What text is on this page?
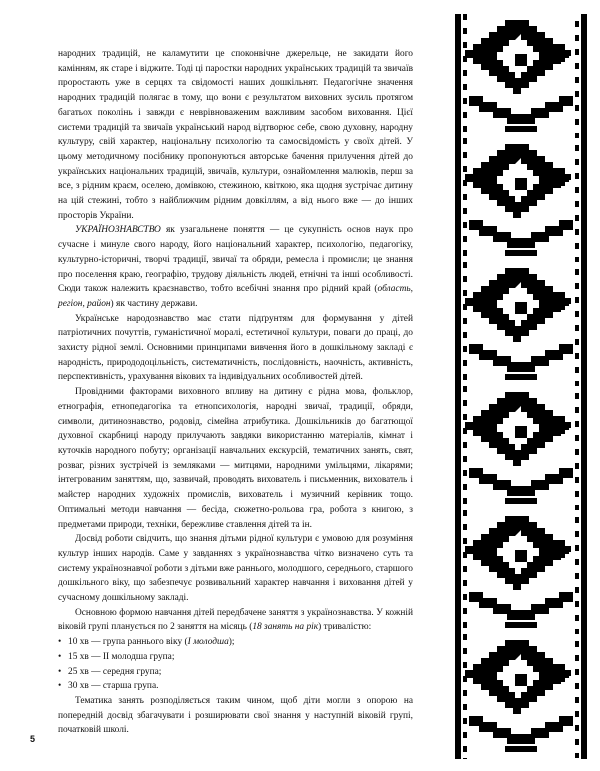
народних традицій, не каламутити це споконвічне джерельце, не закидати його камінням, як старе і віджите. Тоді ці паростки народних українських традицій та звичаїв проростають уже в серцях та свідомості наших дошкільнят. Педагогічне значення народних традицій полягає в тому, що вони є результатом виховних зусиль протягом багатьох поколінь і завжди є неврівноваженим важливим засобом виховання. Цієї системи традицій та звичаїв український народ відтворює себе, свою духовну, народну культуру, свій характер, національну психологію та самосвідомість у своїх дітей. У цьому методичному посібнику пропонуються авторське бачення прилучення дітей до українських національних традицій, звичаїв, культури, ознайомлення малюків, перш за все, з рідним краєм, оселею, домівкою, стежиною, квіткою, яка щодня зустрічає дитину на цій стежині, тобто з найближчим рідним довкіллям, а від нього вже — до інших просторів України.

УКРАЇНОЗНАВСТВО як узагальнене поняття — це сукупність основ наук про сучасне і минуле свого народу, його національний характер, психологію, педагогіку, культурно-історичні, творчі традиції, звичаї та обряди, ремесла і промисли; це знання про поселення краю, географію, трудову діяльність людей, етнічні та інші особливості. Сюди також належить краєзнавство, тобто всебічні знання про рідний край (область, регіон, район) як частину держави.

Українське народознавство має стати підґрунтям для формування у дітей патріотичних почуттів, гуманістичної моралі, естетичної культури, поваги до праці, до захисту рідної землі. Основними принципами вивчення його в дошкільному закладі є народність, природодоцільність, систематичність, послідовність, наочність, активність, перспективність, урахування вікових та індивідуальних особливостей дітей.

Провідними факторами виховного впливу на дитину є рідна мова, фольклор, етнографія, етнопедагогіка та етнопсихологія, народні звичаї, традиції, обряди, символи, дитинознавство, родовід, сімейна атрибутика. Дошкільників до багатющої духовної скарбниці народу прилучають завдяки використанню матеріалів, кімнат і куточків народного побуту; організації навчальних екскурсій, тематичних занять, свят, розваг, різних зустрічей із земляками — митцями, народними умільцями, лікарями; інтегрованим заняттям, що, зазвичай, проводять вихователь і письменник, вихователь і майстер народних художніх промислів, вихователь і музичний керівник тощо. Оптимальні методи навчання — бесіда, сюжетно-рольова гра, робота з книгою, з предметами природи, техніки, бережливе ставлення дітей та ін.

Досвід роботи свідчить, що знання дітьми рідної культури є умовою для розуміння культур інших народів. Саме у завданнях з українознавства чітко визначено суть та систему українознавчої роботи з дітьми вже раннього, молодшого, середнього, старшого дошкільного віку, що забезпечує розвивальний характер навчання і виховання дітей у сучасному дошкільному закладі.

Основною формою навчання дітей передбачене заняття з українознавства. У кожній віковій групі планується по 2 заняття на місяць (18 занять на рік) тривалістю:

• 10 хв — група раннього віку (І молодша);
• 15 хв — ІІ молодша група;
• 25 хв — середня група;
• 30 хв — старша група.

Тематика занять розподіляється таким чином, щоб діти могли з опорою на попередній досвід збагачувати і розширювати свої знання у наступній віковій групі, початковій школі.

5
